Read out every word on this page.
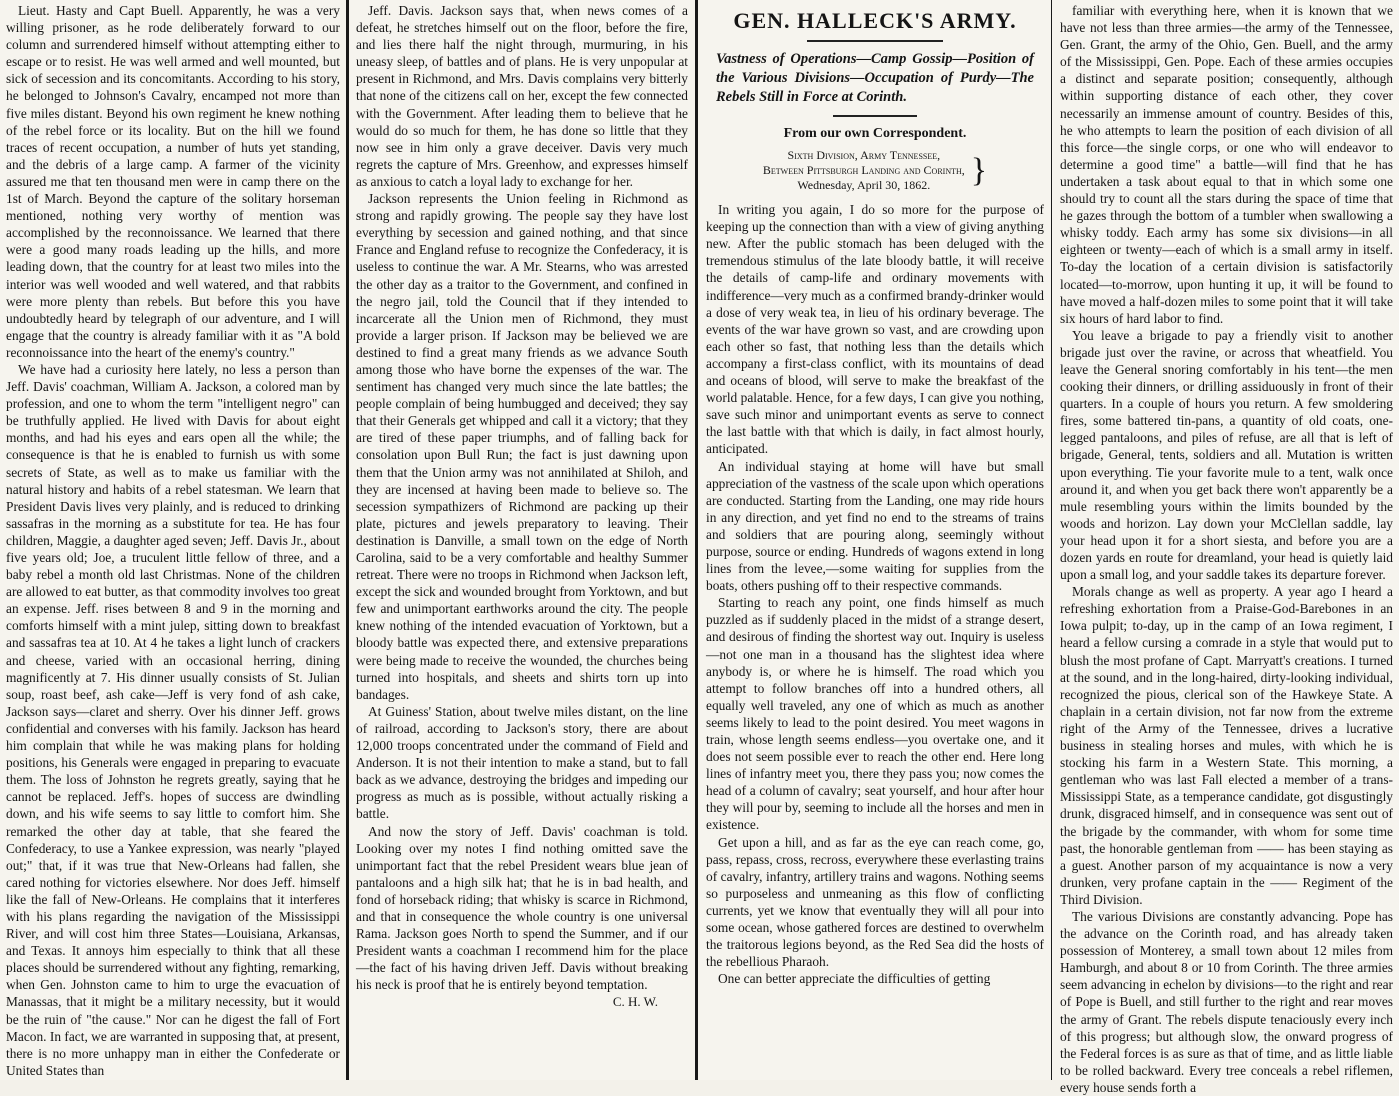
Lieut. Hasty and Capt Buell. Apparently, he was a very willing prisoner, as he rode deliberately forward to our column and surrendered himself without attempting either to escape or to resist. He was well armed and well mounted, but sick of secession and its concomitants. According to his story, he belonged to Johnson's Cavalry, encamped not more than five miles distant. Beyond his own regiment he knew nothing of the rebel force or its locality. But on the hill we found traces of recent occupation, a number of huts yet standing, and the debris of a large camp. A farmer of the vicinity assured me that ten thousand men were in camp there on the 1st of March. Beyond the capture of the solitary horseman mentioned, nothing very worthy of mention was accomplished by the reconnoissance. We learned that there were a good many roads leading up the hills, and more leading down, that the country for at least two miles into the interior was well wooded and well watered, and that rabbits were more plenty than rebels. But before this you have undoubtedly heard by telegraph of our adventure, and I will engage that the country is already familiar with it as "A bold reconnoissance into the heart of the enemy's country."

We have had a curiosity here lately, no less a person than Jeff. Davis' coachman, William A. Jackson, a colored man by profession, and one to whom the term "intelligent negro" can be truthfully applied. He lived with Davis for about eight months, and had his eyes and ears open all the while; the consequence is that he is enabled to furnish us with some secrets of State, as well as to make us familiar with the natural history and habits of a rebel statesman. We learn that President Davis lives very plainly, and is reduced to drinking sassafras in the morning as a substitute for tea. He has four children, Maggie, a daughter aged seven; Jeff. Davis Jr., about five years old; Joe, a truculent little fellow of three, and a baby rebel a month old last Christmas. None of the children are allowed to eat butter, as that commodity involves too great an expense. Jeff. rises between 8 and 9 in the morning and comforts himself with a mint julep, sitting down to breakfast and sassafras tea at 10. At 4 he takes a light lunch of crackers and cheese, varied with an occasional herring, dining magnificently at 7. His dinner usually consists of St. Julian soup, roast beef, ash cake—Jeff is very fond of ash cake, Jackson says—claret and sherry. Over his dinner Jeff. grows confidential and converses with his family. Jackson has heard him complain that while he was making plans for holding positions, his Generals were engaged in preparing to evacuate them. The loss of Johnston he regrets greatly, saying that he cannot be replaced. Jeff's. hopes of success are dwindling down, and his wife seems to say little to comfort him. She remarked the other day at table, that she feared the Confederacy, to use a Yankee expression, was nearly "played out;" that, if it was true that New-Orleans had fallen, she cared nothing for victories elsewhere. Nor does Jeff. himself like the fall of New-Orleans. He complains that it interferes with his plans regarding the navigation of the Mississippi River, and will cost him three States—Louisiana, Arkansas, and Texas. It annoys him especially to think that all these places should be surrendered without any fighting, remarking, when Gen. Johnston came to him to urge the evacuation of Manassas, that it might be a military necessity, but it would be the ruin of "the cause." Nor can he digest the fall of Fort Macon. In fact, we are warranted in supposing that, at present, there is no more unhappy man in either the Confederate or United States than

Jeff. Davis. Jackson says that, when news comes of a defeat, he stretches himself out on the floor, before the fire, and lies there half the night through, murmuring, in his uneasy sleep, of battles and of plans. He is very unpopular at present in Richmond, and Mrs. Davis complains very bitterly that none of the citizens call on her, except the few connected with the Government. After leading them to believe that he would do so much for them, he has done so little that they now see in him only a grave deceiver. Davis very much regrets the capture of Mrs. Greenhow, and expresses himself as anxious to catch a loyal lady to exchange for her.

Jackson represents the Union feeling in Richmond as strong and rapidly growing. The people say they have lost everything by secession and gained nothing, and that since France and England refuse to recognize the Confederacy, it is useless to continue the war. A Mr. Stearns, who was arrested the other day as a traitor to the Government, and confined in the negro jail, told the Council that if they intended to incarcerate all the Union men of Richmond, they must provide a larger prison. If Jackson may be believed we are destined to find a great many friends as we advance South among those who have borne the expenses of the war. The sentiment has changed very much since the late battles; the people complain of being humbugged and deceived; they say that their Generals get whipped and call it a victory; that they are tired of these paper triumphs, and of falling back for consolation upon Bull Run; the fact is just dawning upon them that the Union army was not annihilated at Shiloh, and they are incensed at having been made to believe so. The secession sympathizers of Richmond are packing up their plate, pictures and jewels preparatory to leaving. Their destination is Danville, a small town on the edge of North Carolina, said to be a very comfortable and healthy Summer retreat. There were no troops in Richmond when Jackson left, except the sick and wounded brought from Yorktown, and but few and unimportant earthworks around the city. The people knew nothing of the intended evacuation of Yorktown, but a bloody battle was expected there, and extensive preparations were being made to receive the wounded, the churches being turned into hospitals, and sheets and shirts torn up into bandages.

At Guiness' Station, about twelve miles distant, on the line of railroad, according to Jackson's story, there are about 12,000 troops concentrated under the command of Field and Anderson. It is not their intention to make a stand, but to fall back as we advance, destroying the bridges and impeding our progress as much as is possible, without actually risking a battle.

And now the story of Jeff. Davis' coachman is told. Looking over my notes I find nothing omitted save the unimportant fact that the rebel President wears blue jean of pantaloons and a high silk hat; that he is in bad health, and fond of horseback riding; that whisky is scarce in Richmond, and that in consequence the whole country is one universal Rama. Jackson goes North to spend the Summer, and if our President wants a coachman I recommend him for the place—the fact of his having driven Jeff. Davis without breaking his neck is proof that he is entirely beyond temptation.

C. H. W.
GEN. HALLECK'S ARMY.
Vastness of Operations—Camp Gossip—Position of the Various Divisions—Occupation of Purdy—The Rebels Still in Force at Corinth.
From our own Correspondent.
Sixth Division, Army Tennessee,
Between Pittsburgh Landing and Corinth,
Wednesday, April 30, 1862.	}

In writing you again, I do so more for the purpose of keeping up the connection than with a view of giving anything new. After the public stomach has been deluged with the tremendous stimulus of the late bloody battle, it will receive the details of camp-life and ordinary movements with indifference—very much as a confirmed brandy-drinker would a dose of very weak tea, in lieu of his ordinary beverage. The events of the war have grown so vast, and are crowding upon each other so fast, that nothing less than the details which accompany a first-class conflict, with its mountains of dead and oceans of blood, will serve to make the breakfast of the world palatable. Hence, for a few days, I can give you nothing, save such minor and unimportant events as serve to connect the last battle with that which is daily, in fact almost hourly, anticipated.

An individual staying at home will have but small appreciation of the vastness of the scale upon which operations are conducted. Starting from the Landing, one may ride hours in any direction, and yet find no end to the streams of trains and soldiers that are pouring along, seemingly without purpose, source or ending. Hundreds of wagons extend in long lines from the levee,—some waiting for supplies from the boats, others pushing off to their respective commands.

Starting to reach any point, one finds himself as much puzzled as if suddenly placed in the midst of a strange desert, and desirous of finding the shortest way out. Inquiry is useless—not one man in a thousand has the slightest idea where anybody is, or where he is himself. The road which you attempt to follow branches off into a hundred others, all equally well traveled, any one of which as much as another seems likely to lead to the point desired. You meet wagons in train, whose length seems endless—you overtake one, and it does not seem possible ever to reach the other end. Here long lines of infantry meet you, there they pass you; now comes the head of a column of cavalry; seat yourself, and hour after hour they will pour by, seeming to include all the horses and men in existence.

Get upon a hill, and as far as the eye can reach come, go, pass, repass, cross, recross, everywhere these everlasting trains of cavalry, infantry, artillery trains and wagons. Nothing seems so purposeless and unmeaning as this flow of conflicting currents, yet we know that eventually they will all pour into some ocean, whose gathered forces are destined to overwhelm the traitorous legions beyond, as the Red Sea did the hosts of the rebellious Pharaoh.

One can better appreciate the difficulties of getting

familiar with everything here, when it is known that we have not less than three armies—the army of the Tennessee, Gen. Grant, the army of the Ohio, Gen. Buell, and the army of the Mississippi, Gen. Pope. Each of these armies occupies a distinct and separate position; consequently, although within supporting distance of each other, they cover necessarily an immense amount of country. Besides of this, he who attempts to learn the position of each division of all this force—the single corps, or one who will endeavor to determine a good time" a battle—will find that he has undertaken a task about equal to that in which some one should try to count all the stars during the space of time that he gazes through the bottom of a tumbler when swallowing a whisky toddy. Each army has some six divisions—in all eighteen or twenty—each of which is a small army in itself. To-day the location of a certain division is satisfactorily located—to-morrow, upon hunting it up, it will be found to have moved a half-dozen miles to some point that it will take six hours of hard labor to find.

You leave a brigade to pay a friendly visit to another brigade just over the ravine, or across that wheatfield. You leave the General snoring comfortably in his tent—the men cooking their dinners, or drilling assiduously in front of their quarters. In a couple of hours you return. A few smoldering fires, some battered tin-pans, a quantity of old coats, one-legged pantaloons, and piles of refuse, are all that is left of brigade, General, tents, soldiers and all. Mutation is written upon everything. Tie your favorite mule to a tent, walk once around it, and when you get back there won't apparently be a mule resembling yours within the limits bounded by the woods and horizon. Lay down your McClellan saddle, lay your head upon it for a short siesta, and before you are a dozen yards en route for dreamland, your head is quietly laid upon a small log, and your saddle takes its departure forever.

Morals change as well as property. A year ago I heard a refreshing exhortation from a Praise-God-Barebones in an Iowa pulpit; to-day, up in the camp of an Iowa regiment, I heard a fellow cursing a comrade in a style that would put to blush the most profane of Capt. Marryatt's creations. I turned at the sound, and in the long-haired, dirty-looking individual, recognized the pious, clerical son of the Hawkeye State. A chaplain in a certain division, not far now from the extreme right of the Army of the Tennessee, drives a lucrative business in stealing horses and mules, with which he is stocking his farm in a Western State. This morning, a gentleman who was last Fall elected a member of a trans-Mississippi State, as a temperance candidate, got disgustingly drunk, disgraced himself, and in consequence was sent out of the brigade by the commander, with whom for some time past, the honorable gentleman from —— has been staying as a guest. Another parson of my acquaintance is now a very drunken, very profane captain in the —— Regiment of the Third Division.

The various Divisions are constantly advancing. Pope has the advance on the Corinth road, and has already taken possession of Monterey, a small town about 12 miles from Hamburgh, and about 8 or 10 from Corinth. The three armies seem advancing in echelon by divisions—to the right and rear of Pope is Buell, and still further to the right and rear moves the army of Grant. The rebels dispute tenaciously every inch of this progress; but although slow, the onward progress of the Federal forces is as sure as that of time, and as little liable to be rolled backward. Every tree conceals a rebel riflemen, every house sends forth a
